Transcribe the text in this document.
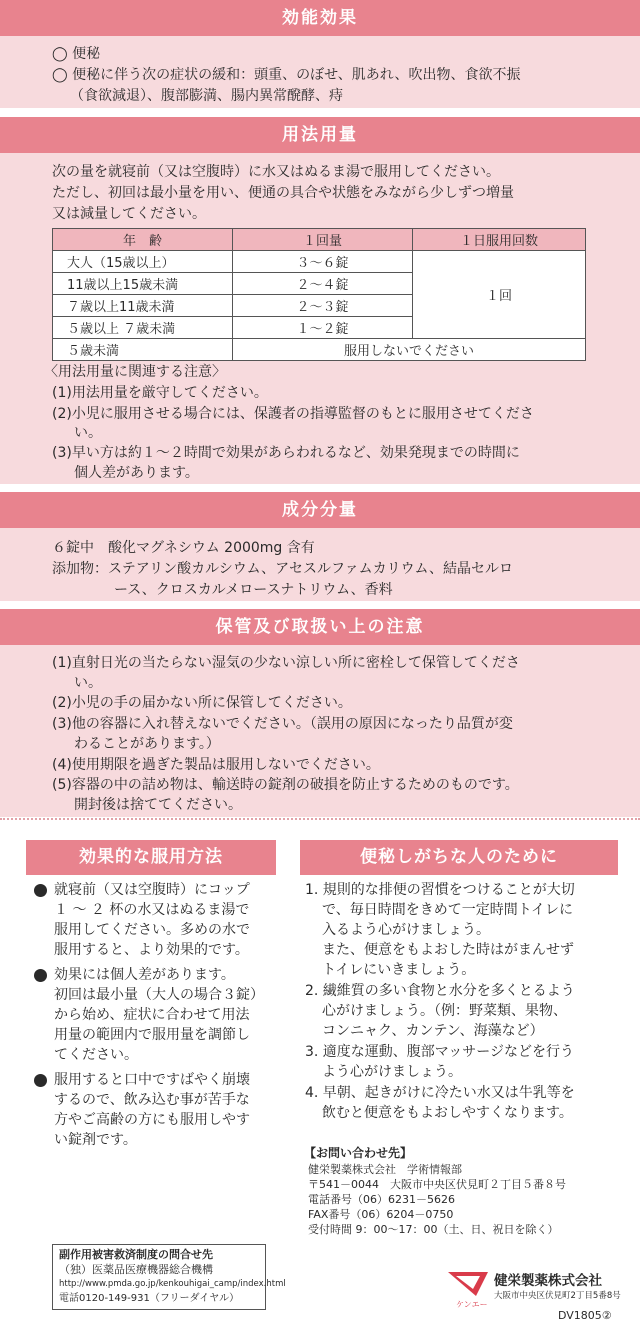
効能効果
◯ 便秘
◯ 便秘に伴う次の症状の緩和：頭重、のぼせ、肌あれ、吹出物、食欲不振
（食欲減退）、腹部膨満、腸内異常醗酵、痔
用法用量
次の量を就寝前（又は空腹時）に水又はぬるま湯で服用してください。
ただし、初回は最小量を用い、便通の具合や状態をみながら少しずつ増量
又は減量してください。
年　齢	１回量	１日服用回数
大人（15歳以上）	３～６錠	１回
11歳以上15歳未満	２～４錠	
７歳以上11歳未満	２～３錠	
５歳以上 ７歳未満	１～２錠	
５歳未満	服用しないでください	
〈用法用量に関連する注意〉
(1)用法用量を厳守してください。
(2)小児に服用させる場合には、保護者の指導監督のもとに服用させてくださ
い。
(3)早い方は約１～２時間で効果があらわれるなど、効果発現までの時間に
個人差があります。
成分分量
６錠中　酸化マグネシウム 2000mg 含有
添加物：ステアリン酸カルシウム、アセスルファムカリウム、結晶セルロ
ース、クロスカルメロースナトリウム、香料
保管及び取扱い上の注意
(1)直射日光の当たらない湿気の少ない涼しい所に密栓して保管してくださ
い。
(2)小児の手の届かない所に保管してください。
(3)他の容器に入れ替えないでください。（誤用の原因になったり品質が変
わることがあります。）
(4)使用期限を過ぎた製品は服用しないでください。
(5)容器の中の詰め物は、輸送時の錠剤の破損を防止するためのものです。
開封後は捨ててください。
効果的な服用方法
就寝前（又は空腹時）にコップ
１ ～ ２ 杯の水又はぬるま湯で
服用してください。多めの水で
服用すると、より効果的です。
効果には個人差があります。
初回は最小量（大人の場合３錠）
から始め、症状に合わせて用法
用量の範囲内で服用量を調節し
てください。
服用すると口中ですばやく崩壊
するので、飲み込む事が苦手な
方やご高齢の方にも服用しやす
い錠剤です。
便秘しがちな人のために
1. 規則的な排便の習慣をつけることが大切
で、毎日時間をきめて一定時間トイレに
入るよう心がけましょう。
また、便意をもよおした時はがまんせず
トイレにいきましょう。
2. 繊維質の多い食物と水分を多くとるよう
心がけましょう。（例：野菜類、果物、
コンニャク、カンテン、海藻など）
3. 適度な運動、腹部マッサージなどを行う
よう心がけましょう。
4. 早朝、起きがけに冷たい水又は牛乳等を
飲むと便意をもよおしやすくなります。
【お問い合わせ先】
健栄製薬株式会社　学術情報部
〒541－0044　大阪市中央区伏見町２丁目５番８号
電話番号（06）6231－5626
FAX番号（06）6204－0750
受付時間 9：00～17：00（土、日、祝日を除く）
副作用被害救済制度の問合せ先
（独）医薬品医療機器総合機構
http://www.pmda.go.jp/kenkouhigai_camp/index.html
電話0120-149-931（フリーダイヤル）
ケンエー
健栄製薬株式会社
大阪市中央区伏見町2丁目5番8号
DV1805②
